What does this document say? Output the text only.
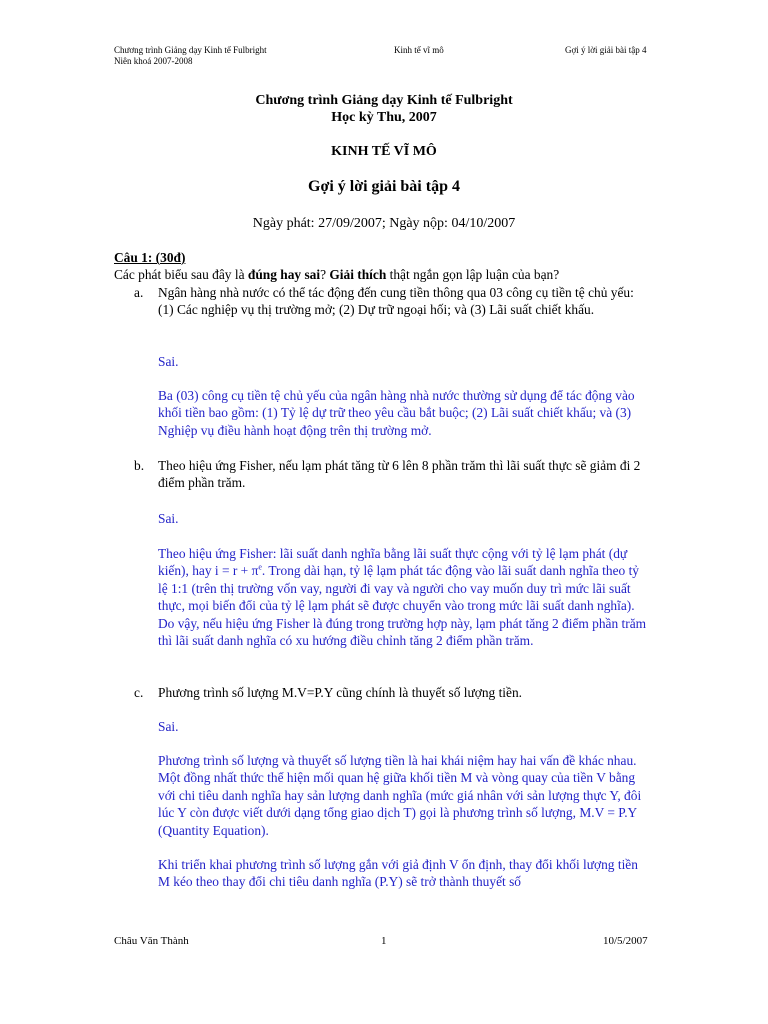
Chương trình Giảng dạy Kinh tế Fulbright
Niên khoá 2007-2008
Kinh tế vĩ mô	Gợi ý lời giải bài tập 4
Chương trình Giảng dạy Kinh tế Fulbright
Học kỳ Thu, 2007
KINH TẾ VĨ MÔ
Gợi ý lời giải bài tập 4
Ngày phát: 27/09/2007; Ngày nộp: 04/10/2007
Câu 1: (30đ)
Các phát biểu sau đây là đúng hay sai? Giải thích thật ngắn gọn lập luận của bạn?
a.	Ngân hàng nhà nước có thể tác động đến cung tiền thông qua 03 công cụ tiền tệ chủ yếu: (1) Các nghiệp vụ thị trường mở; (2) Dự trữ ngoại hối; và (3) Lãi suất chiết khấu.
Sai.
Ba (03) công cụ tiền tệ chủ yếu của ngân hàng nhà nước thường sử dụng để tác động vào khối tiền bao gồm: (1) Tỷ lệ dự trữ theo yêu cầu bắt buộc; (2) Lãi suất chiết khấu; và (3) Nghiệp vụ điều hành hoạt động trên thị trường mở.
b.	Theo hiệu ứng Fisher, nếu lạm phát tăng từ 6 lên 8 phần trăm thì lãi suất thực sẽ giảm đi 2 điểm phần trăm.
Sai.
Theo hiệu ứng Fisher: lãi suất danh nghĩa bằng lãi suất thực cộng với tỷ lệ lạm phát (dự kiến), hay $i = r + \pi^e$. Trong dài hạn, tỷ lệ lạm phát tác động vào lãi suất danh nghĩa theo tỷ lệ 1:1 (trên thị trường vốn vay, người đi vay và người cho vay muốn duy trì mức lãi suất thực, mọi biến đổi của tỷ lệ lạm phát sẽ được chuyển vào trong mức lãi suất danh nghĩa). Do vậy, nếu hiệu ứng Fisher là đúng trong trường hợp này, lạm phát tăng 2 điểm phần trăm thì lãi suất danh nghĩa có xu hướng điều chỉnh tăng 2 điểm phần trăm.
c.	Phương trình số lượng M.V=P.Y cũng chính là thuyết số lượng tiền.
Sai.
Phương trình số lượng và thuyết số lượng tiền là hai khái niệm hay hai vấn đề khác nhau. Một đồng nhất thức thể hiện mối quan hệ giữa khối tiền M và vòng quay của tiền V bằng với chi tiêu danh nghĩa hay sản lượng danh nghĩa (mức giá nhân với sản lượng thực Y, đôi lúc Y còn được viết dưới dạng tổng giao dịch T) gọi là phương trình số lượng, M.V = P.Y (Quantity Equation).
Khi triển khai phương trình số lượng gắn với giả định V ổn định, thay đổi khối lượng tiền M kéo theo thay đổi chi tiêu danh nghĩa (P.Y) sẽ trở thành thuyết số
Châu Văn Thành	1	10/5/2007
